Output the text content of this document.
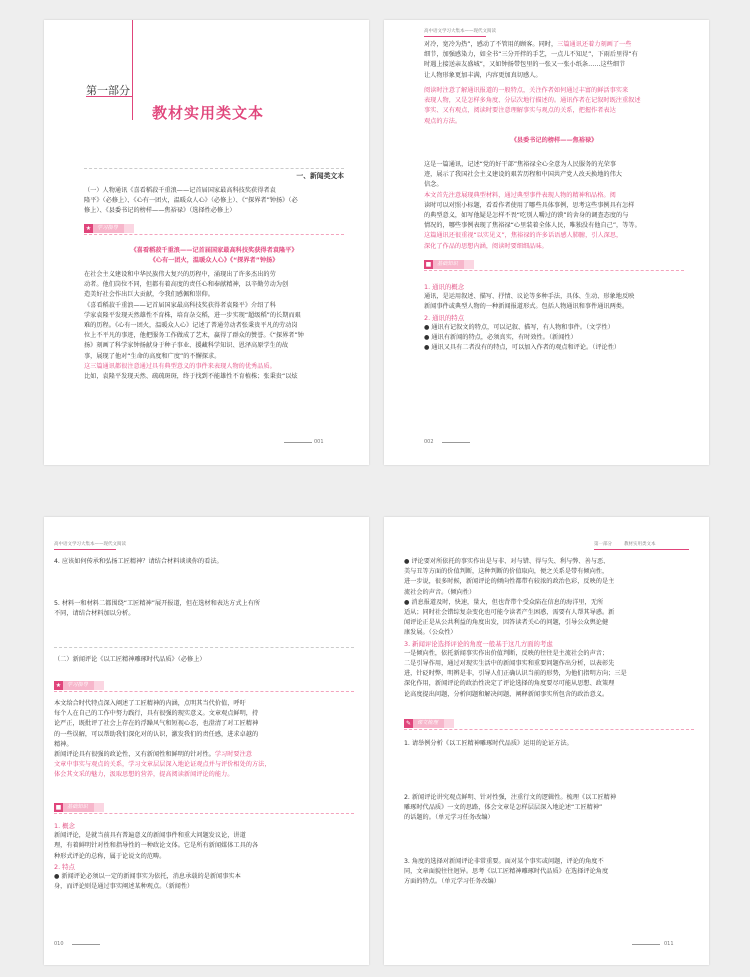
第一部分
教材实用类文本
一、新闻类文本

（一）人物通讯《喜看稻菽千重浪——记首届国家最高科技奖获得者袁

隆平》（必修上）、《心有一团火，温暖众人心》（必修上）、《“探界者”钟扬》（必

修上）、《县委书记的榜样——焦裕禄》（选择性必修上）

★	学习指导

《喜看稻菽千重浪——记首届国家最高科技奖获得者袁隆平》

《心有一团火，温暖众人心》《“探界者”钟扬》

在社会主义建设和中华民族伟大复兴的历程中，涌现出了许多杰出的劳

动者。他们岗位不同，但都有着高度的责任心和奉献精神，以辛勤劳动为创

造美好社会作出巨大贡献，令我们感佩和崇仰。

《喜看稻菽千重浪——记首届国家最高科技奖获得者袁隆平》介绍了科

学家袁隆平发现天然雄性不育株，培育杂交稻，进一步实现“超级稻”的长期而艰

难的历程。《心有一团火，温暖众人心》记述了普通劳动者张秉贵平凡的劳动岗

位上不平凡的事迹，他把服务工作做成了艺术，赢得了群众的赞誉。《“探界者”钟

扬》刻画了科学家钟扬献身于种子事业、援藏科学知识、恩泽高原学生的故

事，展现了他对“生命的高度和广度”的不懈探求。

这三篇通讯都很注意通过具有典型意义的事件来表现人物的优秀品质。

比如，袁隆平发现天然、疏疏斑斑，终于找到不能雄性不育植株；张秉贵“以炫

001
高中语文学习大集本——现代文阅读

对冷，宽冷为热”，感动了不管用的顾客。同时，三篇通讯还着力刻画了一些

细节，加强感染力，如全书“三分开拌的手艺，一点儿不知足”，下雨后里得“有

时遇上接送亲友盛城”，又如钟扬带包里的一张又一张小纸条……这些细节

让人物形象更加丰满，内容更加真切感人。

阅读时注意了解通讯报道的一般特点，关注作者如何通过丰富的鲜活事实来

表现人物，又是怎样多角度、分层次地行描述的。通讯作者在记叙时既注重叙述

事实、又有观点，阅读时要注意理解事实与观点的关系，把握作者表达

观点的方法。

《县委书记的榜样——焦裕禄》

这是一篇通讯，记述“党的好干部”焦裕禄全心全意为人民服务的光荣事

迹，展示了我国社会主义建设的艰苦历程和中国共产党人改天换地的伟大

信念。

本文首先注意展现典型材料，通过典型事件表现人物的精神和品格。阅

读时可以对照小标题，看看作者使用了哪些具体事例，思考这些事例具有怎样

的典型意义，如写他疑是怎样不畏“吃别人嚼过的馍”的舍身的调查态度的与

情况的，哪些事例表现了焦裕禄“心里装着全体人民，唯独没有他自己”，等等。

这篇通讯还很重视“以实见义”，焦裕禄的许多话语感人肺腑，引人深思，

深化了作品的思想内涵，阅读时要细细品味。

■	基础知识

1. 通讯的概念

通讯，是运用叙述、描写、抒情、议论等多种手法，具体、生动、形象地反映

新闻事件或典型人物的一种新闻报道形式。包括人物通讯和事件通讯两类。

2. 通讯的特点

● 通讯有记叙文的特点，可以记叙、描写，有人物和事件。（文学性）

● 通讯有新闻的特点，必须真实，有时效性。（新闻性）

● 通讯又具有二者没有的特点，可以加入作者的观点和评论。（评论性）

002
高中语文学习大集本——现代文阅读

4. 应该如何传承和弘扬工匠精神？请结合材料谈谈你的看法。

5. 材料一和材料二都围绕“工匠精神”展开报道，但在选材和表达方式上有所

不同，请结合材料加以分析。

（二）新闻评论《以工匠精神雕琢时代品质》（必修上）

★	学习指导

本文给合时代特点深入阐述了工匠精神的内涵，点明其当代价值，呼吁

每个人在自己的工作中努力践行，具有很强的现实意义。文章观点鲜明，持

论严正，既批评了社会上存在的浮躁风气和短视心态，也澄清了对工匠精神

的一些误解，可以帮助我们深化对的认识，激发我们的责任感，进求卓越的

精神。

新闻评论具有很强的政论性，又有新闻性和鲜明的针对性。学习时要注意

文章中事实与观点的关系，学习文章层层深入地论证观点并与评价相处的方法，

体会其文采的魅力，汲取思想的营养，提高阅读新闻评论的能力。

■	基础知识

1. 概念

新闻评论，是就当前具有普遍意义的新闻事件和重大问题发议论，讲道

理，有着鲜明针对性和指导性的一种政论文体。它是所有新闻媒体工具的各

种形式评论的总称，属于论说文的范畴。

2. 特点

● 新闻评论必须以一定的新闻事实为依托，消息承载的是新闻事实本

身，而评论则是通过事实阐述某种观点。（新闻性）

010
第一部分	教材实用类文本

● 评论要对所依托的事实作出是与非、对与错、得与失、利与弊、善与恶、

美与丑等方面的价值判断，这种判断的价值取向，便之关系是带有倾向性，

进一步说，很多时候，新闻评论的倾向性都带有较浓的政治色彩，反映的是主

流社会的声音。（倾向性）

● 消息报道及时，快速，量大，但也背带个受众陷在信息的海洋里，无所

适从；同时社会错综复杂变化也可能令读者产生困惑，需要有人帮其导惑。新

闻评论正是从公共利益的角度出发，因答读者关心的问题，引导公众舆论健

康发展。（公众性）

3. 新闻评论选择评论的角度一般基于这几方面的考虑

一是倾向性，依托新闻事实作出价值判断，反映的往往是主流社会的声音；

二是引导作用，通过对现实生活中的新闻事实和重要问题作出分析，以表彰先

进，针砭时弊，明辨是非，引导人们正确认识当前的形势，为他们指明方向；三是

深化作用，新闻评论的政治性决定了评论选择的角度要尽可能从思想、政策理

论高度提出问题，分析问题和解决问题，阐释新闻事实所包含的政治意义。

✎	课文梳理

1. 请举例分析《以工匠精神雕琢时代品质》运用的论证方法。

2. 新闻评论讲究观点鲜明、针对性强，注重行文的逻辑性。梳理《以工匠精神

雕琢时代品质》一文的思路，体会文章是怎样层层深入地论述“工匠精神”

的话题的。（单元学习任务改编）

3. 角度的选择对新闻评论非常重要。面对某个事实或问题，评论的角度不

同，文章面貌往往迥异。思考《以工匠精神雕琢时代品质》在选择评论角度

方面的特点。（单元学习任务改编）

011
